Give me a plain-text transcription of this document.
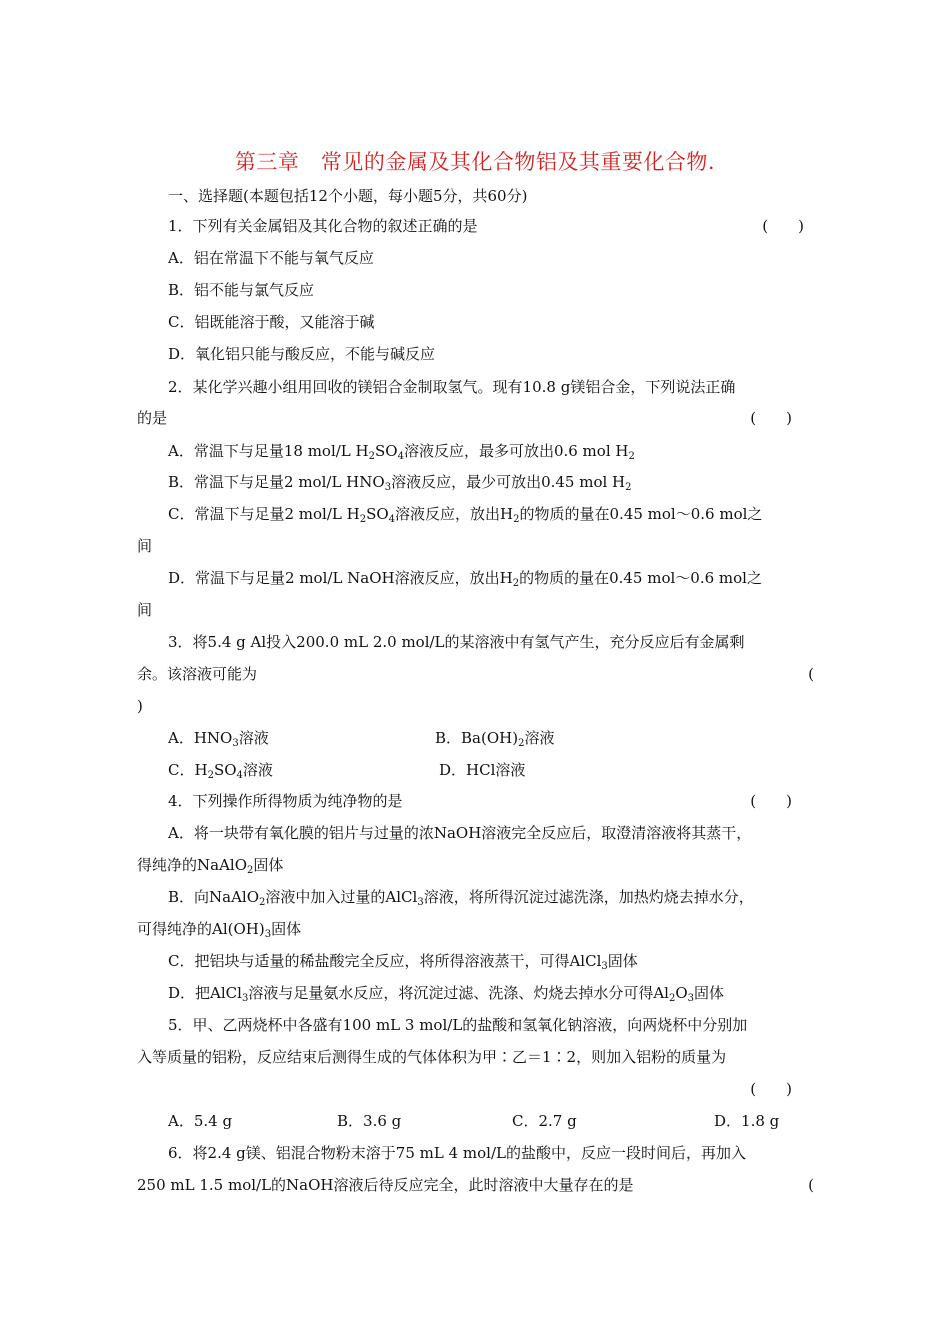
第三章　常见的金属及其化合物铝及其重要化合物.
一、选择题(本题包括12个小题，每小题5分，共60分)
1．下列有关金属铝及其化合物的叙述正确的是	(　　)
A．铝在常温下不能与氧气反应
B．铝不能与氯气反应
C．铝既能溶于酸，又能溶于碱
D．氧化铝只能与酸反应，不能与碱反应
2．某化学兴趣小组用回收的镁铝合金制取氢气。现有10.8 g镁铝合金，下列说法正确
的是	(　　)
A．常温下与足量18 mol/L $H_2SO_4$溶液反应，最多可放出0.6 mol $H_2$
B．常温下与足量2 mol/L $HNO_3$溶液反应，最少可放出0.45 mol $H_2$
C．常温下与足量2 mol/L $H_2SO_4$溶液反应，放出$H_2$的物质的量在0.45 mol～0.6 mol之
间
D．常温下与足量2 mol/L NaOH溶液反应，放出$H_2$的物质的量在0.45 mol～0.6 mol之
间
3．将5.4 g Al投入200.0 mL 2.0 mol/L的某溶液中有氢气产生，充分反应后有金属剩
余。该溶液可能为	(
)
A．$HNO_3$溶液	B．$Ba(OH)_2$溶液
C．$H_2SO_4$溶液	D．HCl溶液
4．下列操作所得物质为纯净物的是	(　　)
A．将一块带有氧化膜的铝片与过量的浓NaOH溶液完全反应后，取澄清溶液将其蒸干，
得纯净的NaAlO$_2$固体
B．向NaAlO$_2$溶液中加入过量的AlCl$_3$溶液，将所得沉淀过滤洗涤，加热灼烧去掉水分，
可得纯净的$Al(OH)_3$固体
C．把铝块与适量的稀盐酸完全反应，将所得溶液蒸干，可得AlCl$_3$固体
D．把AlCl$_3$溶液与足量氨水反应，将沉淀过滤、洗涤、灼烧去掉水分可得$Al_2O_3$固体
5．甲、乙两烧杯中各盛有100 mL 3 mol/L的盐酸和氢氧化钠溶液，向两烧杯中分别加
入等质量的铝粉，反应结束后测得生成的气体体积为甲∶乙＝1∶2，则加入铝粉的质量为
(　　)
A．5.4 g	B．3.6 g	C．2.7 g	D．1.8 g
6．将2.4 g镁、铝混合物粉末溶于75 mL 4 mol/L的盐酸中，反应一段时间后，再加入
250 mL 1.5 mol/L的NaOH溶液后待反应完全，此时溶液中大量存在的是	(
